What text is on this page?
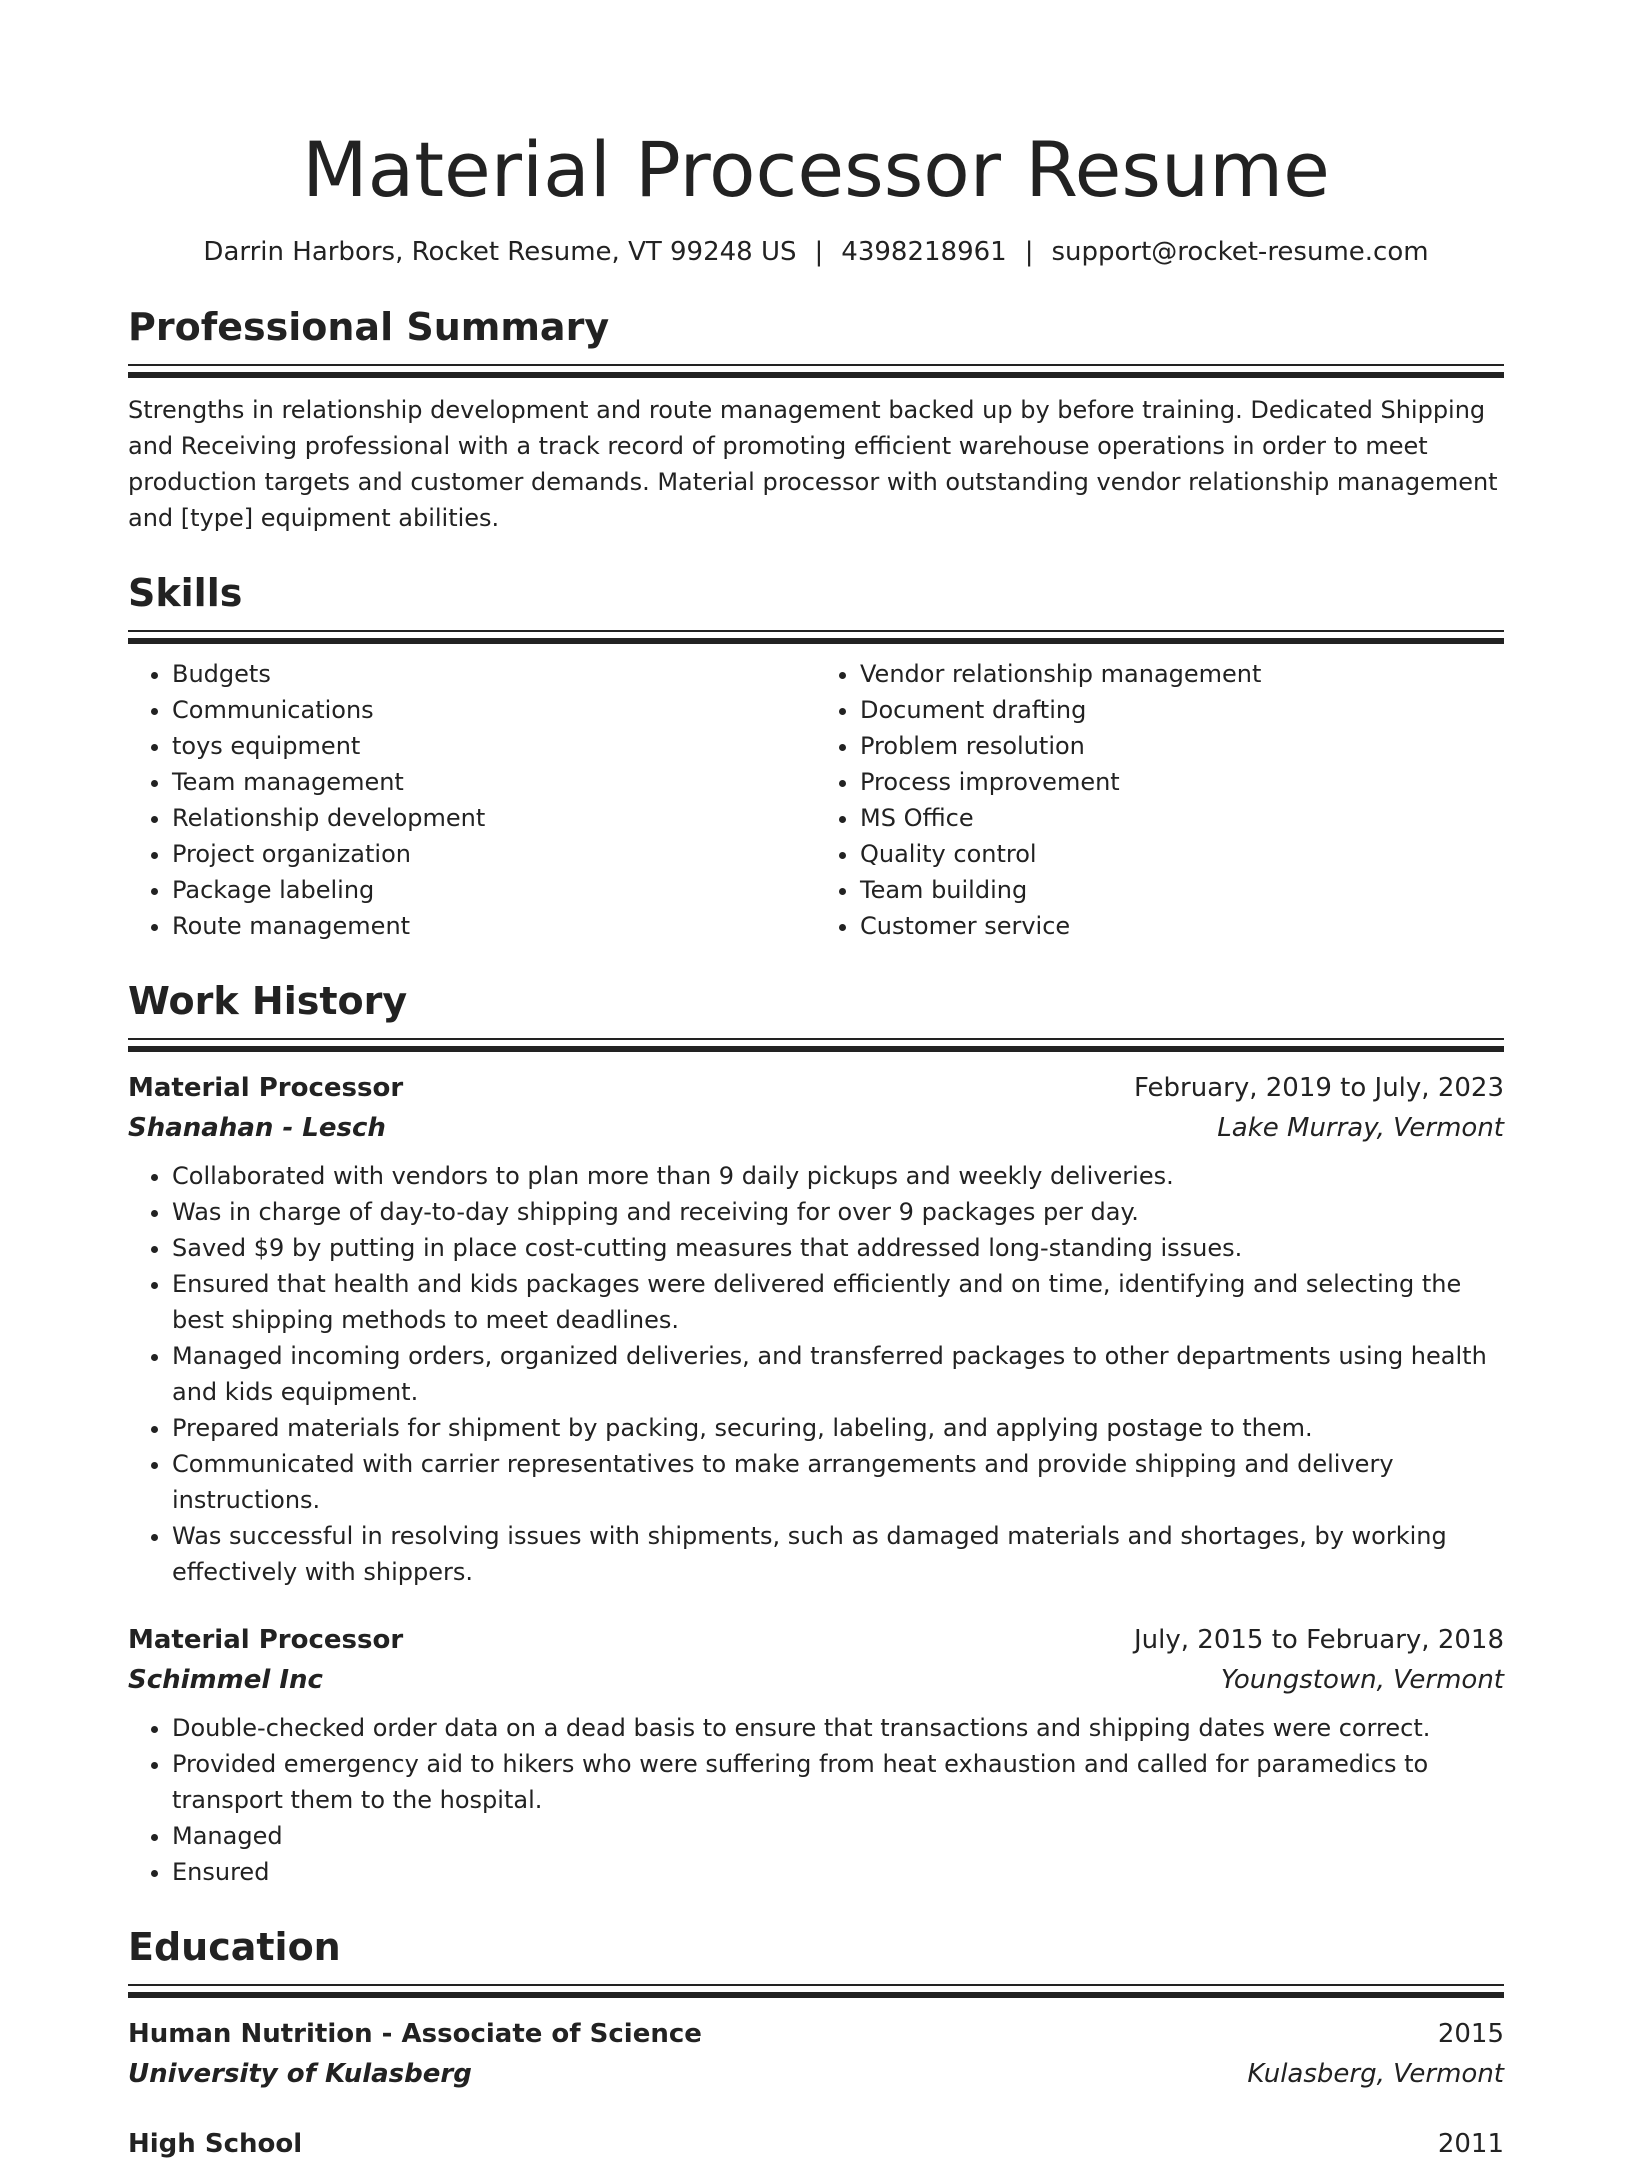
Material Processor Resume
Darrin Harbors, Rocket Resume, VT 99248 US | 4398218961 | support@rocket-resume.com
Professional Summary

Strengths in relationship development and route management backed up by before training. Dedicated Shipping and Receiving professional with a track record of promoting efficient warehouse operations in order to meet production targets and customer demands. Material processor with outstanding vendor relationship management and [type] equipment abilities.

Skills
• Budgets
• Communications
• toys equipment
• Team management
• Relationship development
• Project organization
• Package labeling
• Route management
• Vendor relationship management
• Document drafting
• Problem resolution
• Process improvement
• MS Office
• Quality control
• Team building
• Customer service
Work History
Material Processor	February, 2019 to July, 2023
Shanahan - Lesch	Lake Murray, Vermont
• Collaborated with vendors to plan more than 9 daily pickups and weekly deliveries.
• Was in charge of day-to-day shipping and receiving for over 9 packages per day.
• Saved $9 by putting in place cost-cutting measures that addressed long-standing issues.
• Ensured that health and kids packages were delivered efficiently and on time, identifying and selecting the best shipping methods to meet deadlines.
• Managed incoming orders, organized deliveries, and transferred packages to other departments using health and kids equipment.
• Prepared materials for shipment by packing, securing, labeling, and applying postage to them.
• Communicated with carrier representatives to make arrangements and provide shipping and delivery instructions.
• Was successful in resolving issues with shipments, such as damaged materials and shortages, by working effectively with shippers.
Material Processor	July, 2015 to February, 2018
Schimmel Inc	Youngstown, Vermont
• Double-checked order data on a dead basis to ensure that transactions and shipping dates were correct.
• Provided emergency aid to hikers who were suffering from heat exhaustion and called for paramedics to transport them to the hospital.
• Managed
• Ensured
Education
Human Nutrition - Associate of Science	2015
University of Kulasberg	Kulasberg, Vermont
High School	2011
